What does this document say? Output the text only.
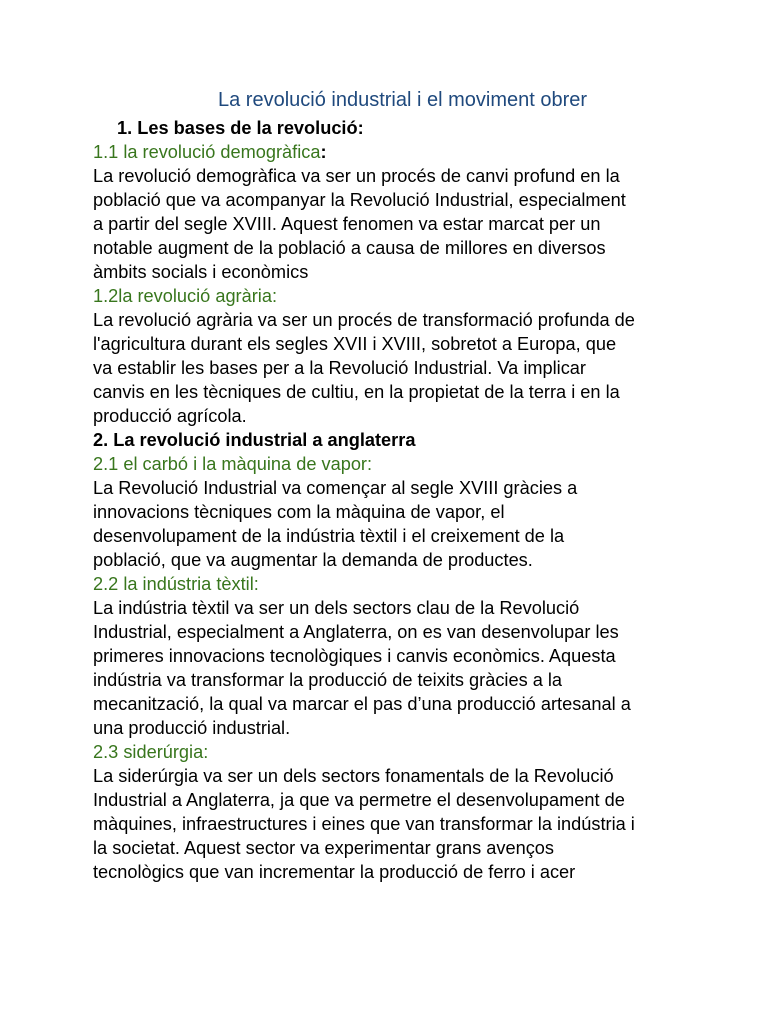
La revolució industrial i el moviment obrer
1. Les bases de la revolució:
1.1 la revolució demogràfica:
La revolució demogràfica va ser un procés de canvi profund en la
població que va acompanyar la Revolució Industrial, especialment
a partir del segle XVIII. Aquest fenomen va estar marcat per un
notable augment de la població a causa de millores en diversos
àmbits socials i econòmics
1.2la revolució agrària:
La revolució agrària va ser un procés de transformació profunda de
l'agricultura durant els segles XVII i XVIII, sobretot a Europa, que
va establir les bases per a la Revolució Industrial. Va implicar
canvis en les tècniques de cultiu, en la propietat de la terra i en la
producció agrícola.
2. La revolució industrial a anglaterra
2.1 el carbó i la màquina de vapor:
La Revolució Industrial va començar al segle XVIII gràcies a
innovacions tècniques com la màquina de vapor, el
desenvolupament de la indústria tèxtil i el creixement de la
població, que va augmentar la demanda de productes.
2.2 la indústria tèxtil:
La indústria tèxtil va ser un dels sectors clau de la Revolució
Industrial, especialment a Anglaterra, on es van desenvolupar les
primeres innovacions tecnològiques i canvis econòmics. Aquesta
indústria va transformar la producció de teixits gràcies a la
mecanització, la qual va marcar el pas d’una producció artesanal a
una producció industrial.
2.3 siderúrgia:
La siderúrgia va ser un dels sectors fonamentals de la Revolució
Industrial a Anglaterra, ja que va permetre el desenvolupament de
màquines, infraestructures i eines que van transformar la indústria i
la societat. Aquest sector va experimentar grans avenços
tecnològics que van incrementar la producció de ferro i acer
